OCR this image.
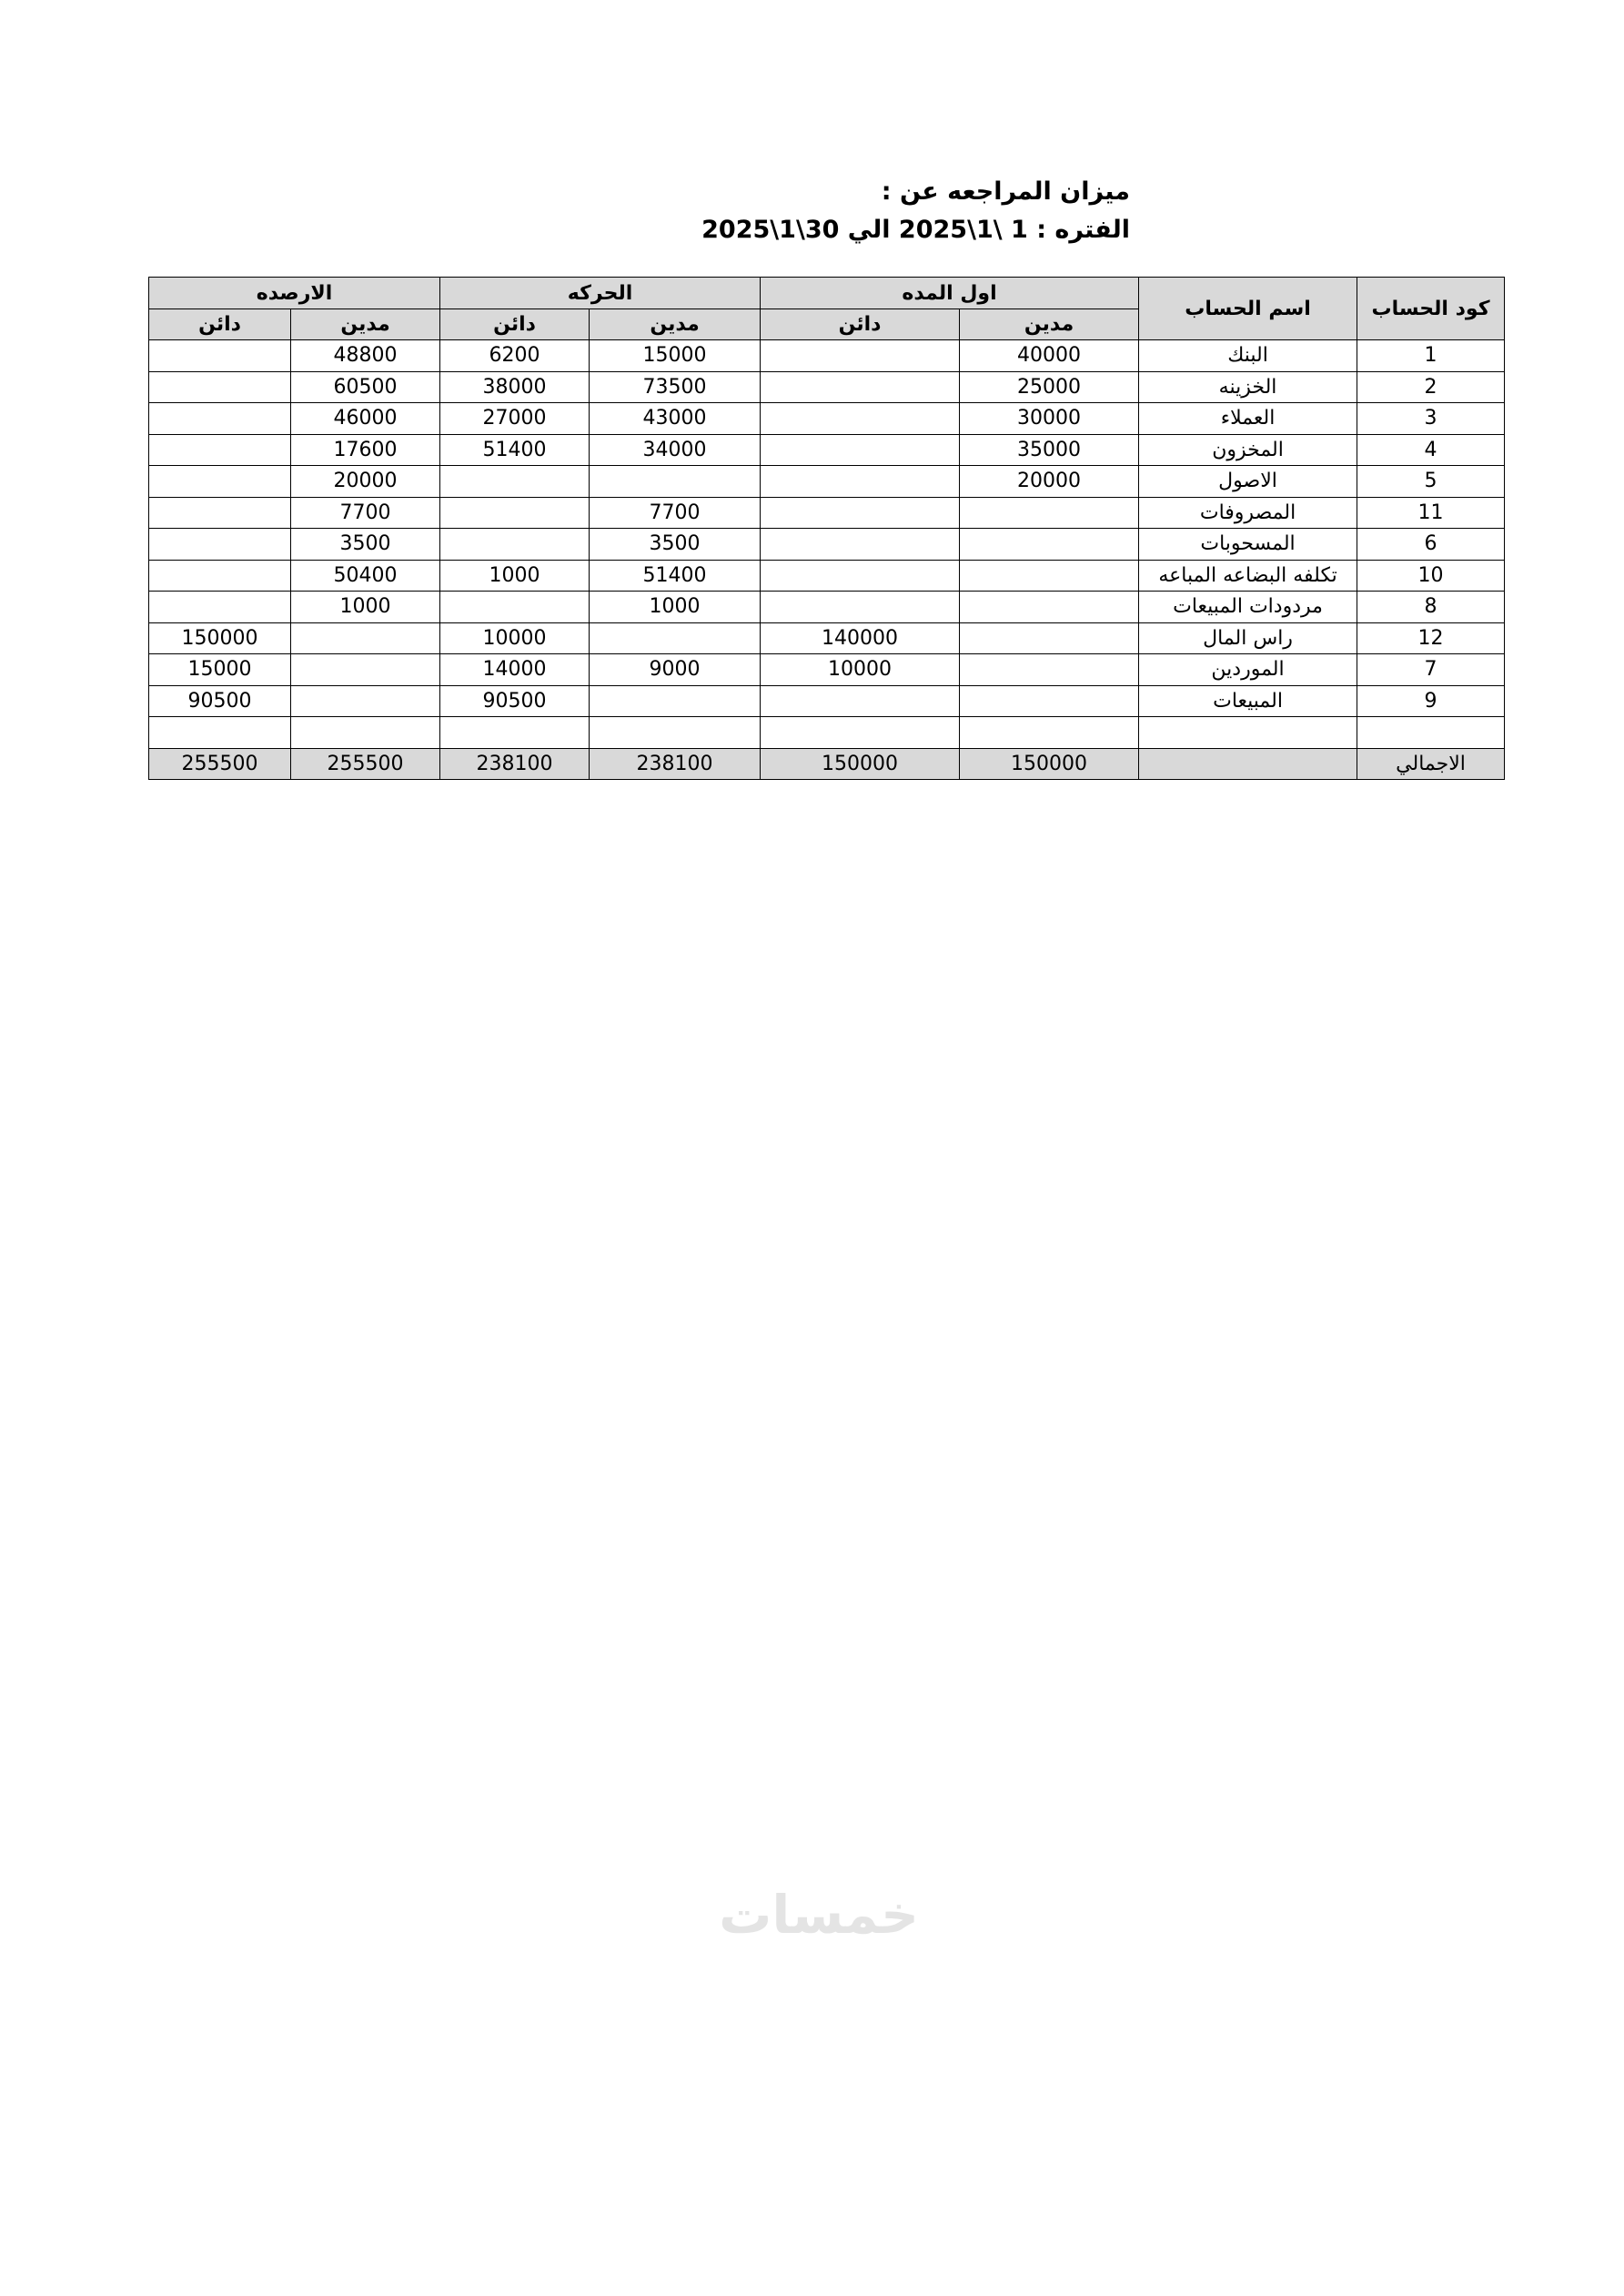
ميزان المراجعه عن :
الفتره : 1 \1\2025 الي 30\1\2025
كود الحساب	اسم الحساب	اول المده		الحركه		الارصده	
		مدين	دائن	مدين	دائن	مدين	دائن
1	البنك	40000		15000	6200	48800	
2	الخزينه	25000		73500	38000	60500	
3	العملاء	30000		43000	27000	46000	
4	المخزون	35000		34000	51400	17600	
5	الاصول	20000				20000	
11	المصروفات			7700		7700	
6	المسحوبات			3500		3500	
10	تكلفه البضاعه المباعه			51400	1000	50400	
8	مردودات المبيعات			1000		1000	
12	راس المال		140000		10000		150000
7	الموردين		10000	9000	14000		15000
9	المبيعات				90500		90500

الاجمالي		150000	150000	238100	238100	255500	255500
خمسات
